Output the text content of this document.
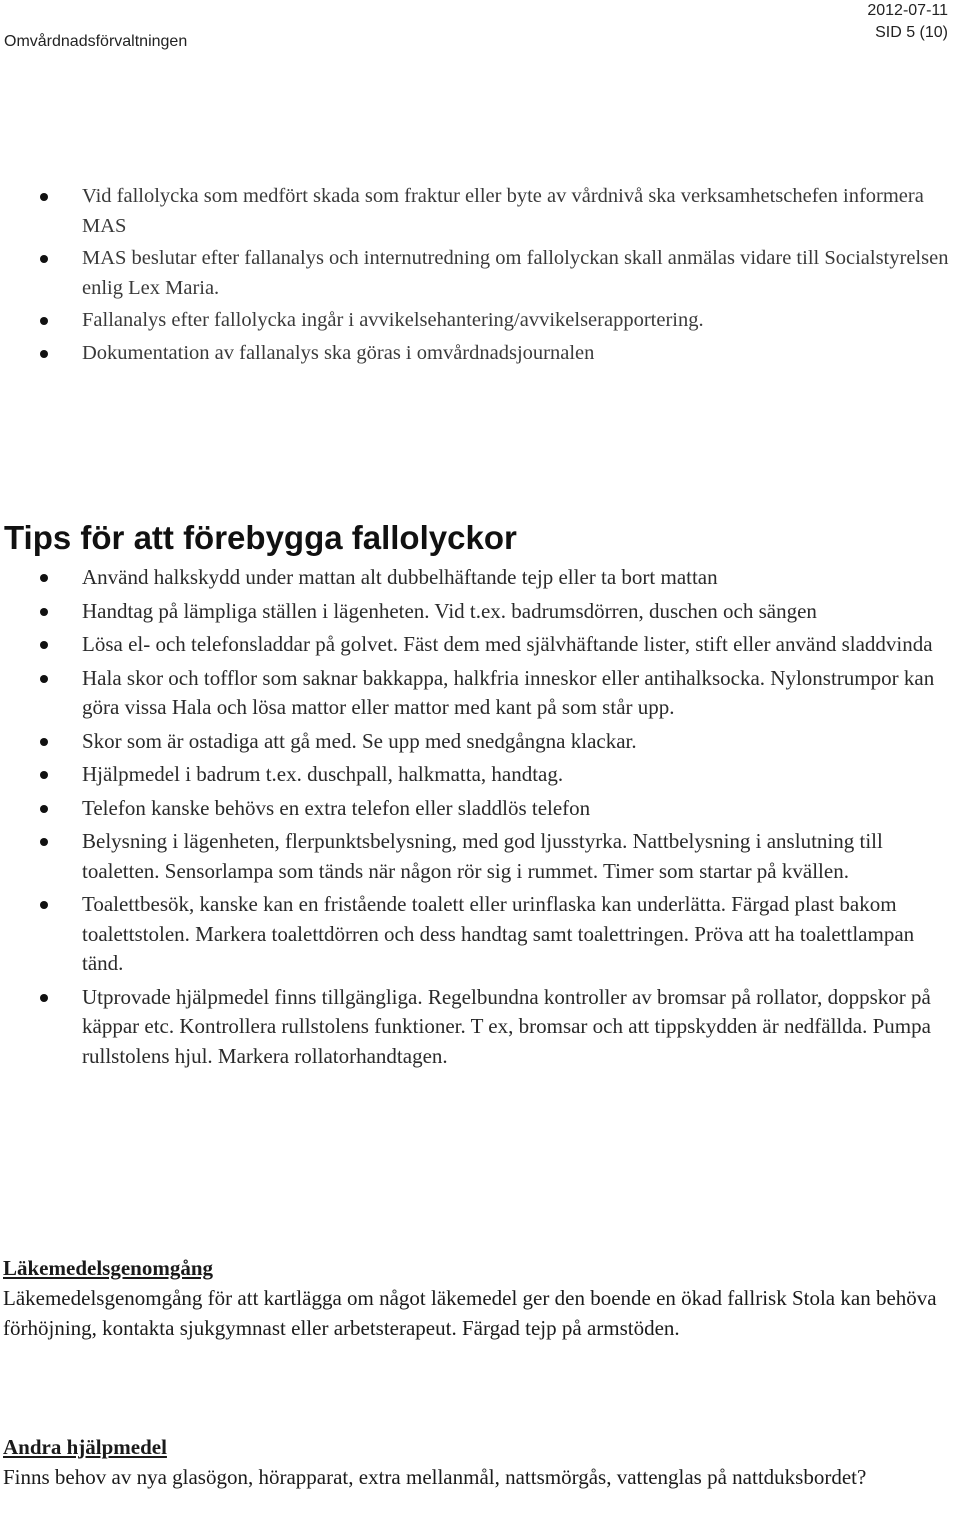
Omvårdnadsförvaltningen
2012-07-11
SID 5 (10)
Vid fallolycka som medfört skada som fraktur eller byte av vårdnivå ska verksamhetschefen informera MAS
MAS beslutar efter fallanalys och internutredning om fallolyckan skall anmälas vidare till Socialstyrelsen enlig Lex Maria.
Fallanalys efter fallolycka ingår i avvikelsehantering/avvikelserapportering.
Dokumentation av fallanalys ska göras i omvårdnadsjournalen
Tips för att förebygga fallolyckor
Använd halkskydd under mattan alt dubbelhäftande tejp eller ta bort mattan
Handtag på lämpliga ställen i lägenheten. Vid t.ex. badrumsdörren, duschen och sängen
Lösa el- och telefonsladdar på golvet. Fäst dem med självhäftande lister, stift eller använd sladdvinda
Hala skor och tofflor som saknar bakkappa, halkfria inneskor eller antihalksocka. Nylonstrumpor kan göra vissa Hala och lösa mattor eller mattor med kant på som står upp.
Skor som är ostadiga att gå med. Se upp med snedgångna klackar.
Hjälpmedel i badrum t.ex. duschpall, halkmatta, handtag.
Telefon kanske behövs en extra telefon eller sladdlös telefon
Belysning i lägenheten, flerpunktsbelysning, med god ljusstyrka. Nattbelysning i anslutning till toaletten. Sensorlampa som tänds när någon rör sig i rummet. Timer som startar på kvällen.
Toalettbesök, kanske kan en fristående toalett eller urinflaska kan underlätta. Färgad plast bakom toalettstolen. Markera toalettdörren och dess handtag samt toalettringen. Pröva att ha toalettlampan tänd.
Utprovade hjälpmedel finns tillgängliga. Regelbundna kontroller av bromsar på rollator, doppskor på käppar etc. Kontrollera rullstolens funktioner. T ex, bromsar och att tippskydden är nedfällda. Pumpa rullstolens hjul. Markera rollatorhandtagen.
Läkemedelsgenomgång
Läkemedelsgenomgång för att kartlägga om något läkemedel ger den boende en ökad fallrisk Stola kan behöva förhöjning, kontakta sjukgymnast eller arbetsterapeut. Färgad tejp på armstöden.
Andra hjälpmedel
Finns behov av nya glasögon, hörapparat, extra mellanmål, nattsmörgås, vattenglas på nattduksbordet?
